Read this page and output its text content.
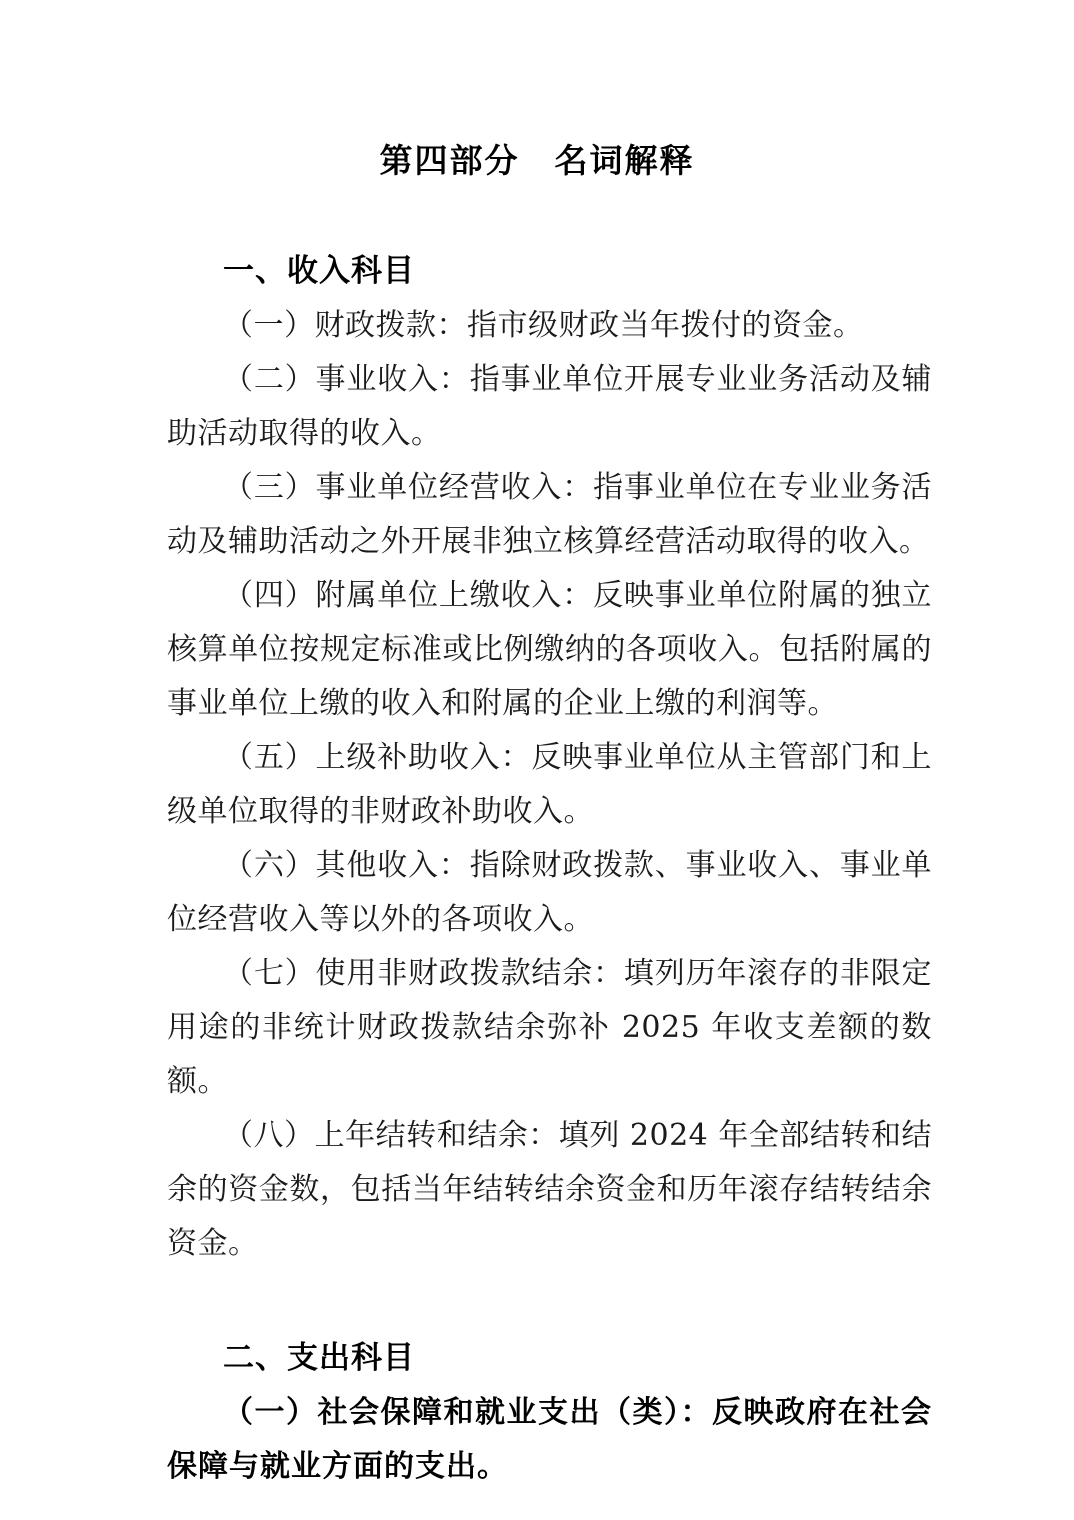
第四部分　名词解释
一、收入科目

（一）财政拨款：指市级财政当年拨付的资金。

（二）事业收入：指事业单位开展专业业务活动及辅助活动取得的收入。

（三）事业单位经营收入：指事业单位在专业业务活动及辅助活动之外开展非独立核算经营活动取得的收入。

（四）附属单位上缴收入：反映事业单位附属的独立核算单位按规定标准或比例缴纳的各项收入。包括附属的事业单位上缴的收入和附属的企业上缴的利润等。

（五）上级补助收入：反映事业单位从主管部门和上级单位取得的非财政补助收入。

（六）其他收入：指除财政拨款、事业收入、事业单位经营收入等以外的各项收入。

（七）使用非财政拨款结余：填列历年滚存的非限定用途的非统计财政拨款结余弥补 2025 年收支差额的数额。

（八）上年结转和结余：填列 2024 年全部结转和结余的资金数，包括当年结转结余资金和历年滚存结转结余资金。

二、支出科目

（一）社会保障和就业支出（类）：反映政府在社会保障与就业方面的支出。
